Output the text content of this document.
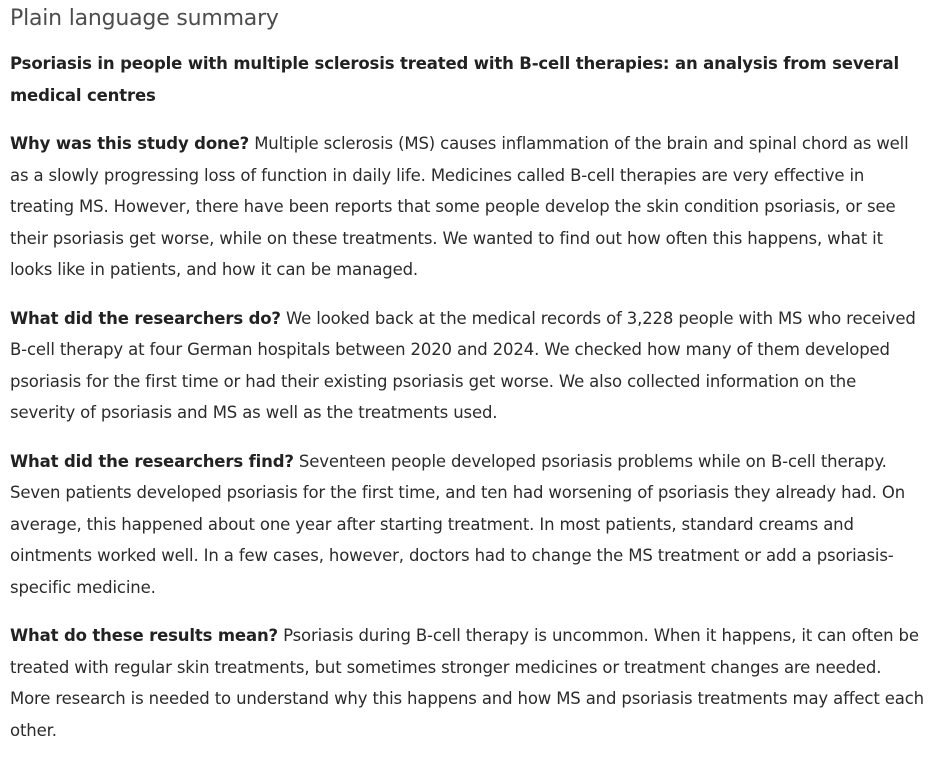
Plain language summary

Psoriasis in people with multiple sclerosis treated with B-cell therapies: an analysis from several medical centres

Why was this study done? Multiple sclerosis (MS) causes inflammation of the brain and spinal chord as well as a slowly progressing loss of function in daily life. Medicines called B-cell therapies are very effective in treating MS. However, there have been reports that some people develop the skin condition psoriasis, or see their psoriasis get worse, while on these treatments. We wanted to find out how often this happens, what it looks like in patients, and how it can be managed.

What did the researchers do? We looked back at the medical records of 3,228 people with MS who received B-cell therapy at four German hospitals between 2020 and 2024. We checked how many of them developed psoriasis for the first time or had their existing psoriasis get worse. We also collected information on the severity of psoriasis and MS as well as the treatments used.

What did the researchers find? Seventeen people developed psoriasis problems while on B-cell therapy. Seven patients developed psoriasis for the first time, and ten had worsening of psoriasis they already had. On average, this happened about one year after starting treatment. In most patients, standard creams and ointments worked well. In a few cases, however, doctors had to change the MS treatment or add a psoriasis-specific medicine.

What do these results mean? Psoriasis during B-cell therapy is uncommon. When it happens, it can often be treated with regular skin treatments, but sometimes stronger medicines or treatment changes are needed. More research is needed to understand why this happens and how MS and psoriasis treatments may affect each other.
